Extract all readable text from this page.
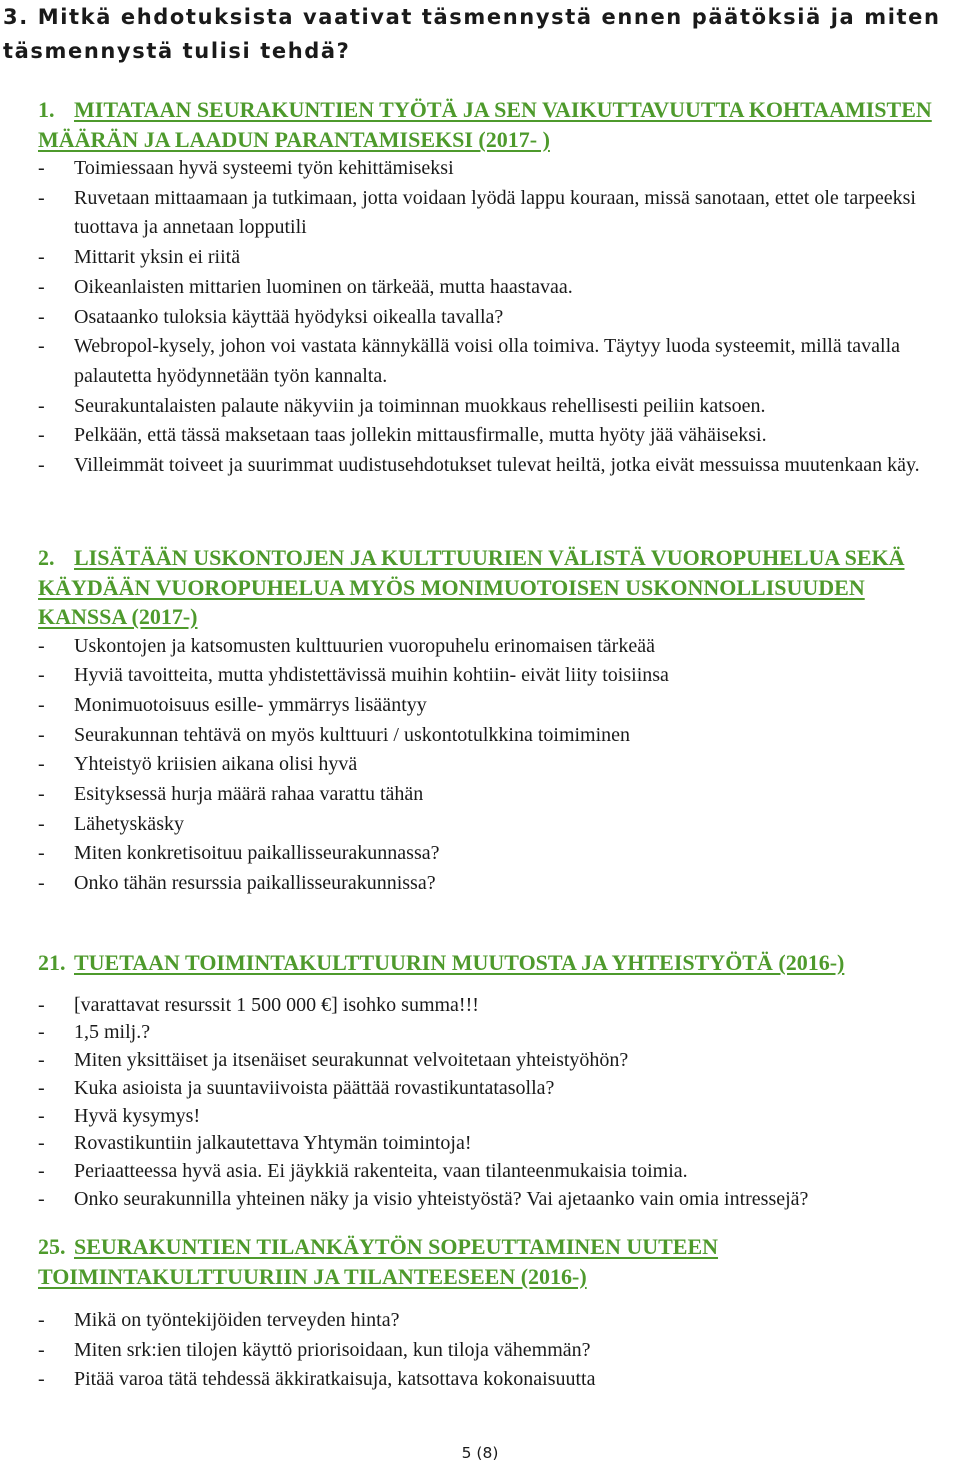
3. Mitkä ehdotuksista vaativat täsmennystä ennen päätöksiä ja miten täsmennystä tulisi tehdä?

1. MITATAAN SEURAKUNTIEN TYÖTÄ JA SEN VAIKUTTAVUUTTA KOHTAAMISTEN MÄÄRÄN JA LAADUN PARANTAMISEKSI (2017- )

- Toimiessaan hyvä systeemi työn kehittämiseksi
- Ruvetaan mittaamaan ja tutkimaan, jotta voidaan lyödä lappu kouraan, missä sanotaan, ettet ole tarpeeksi tuottava ja annetaan lopputili
- Mittarit yksin ei riitä
- Oikeanlaisten mittarien luominen on tärkeää, mutta haastavaa.
- Osataanko tuloksia käyttää hyödyksi oikealla tavalla?
- Webropol-kysely, johon voi vastata kännykällä voisi olla toimiva. Täytyy luoda systeemit, millä tavalla palautetta hyödynnetään työn kannalta.
- Seurakuntalaisten palaute näkyviin ja toiminnan muokkaus rehellisesti peiliin katsoen.
- Pelkään, että tässä maksetaan taas jollekin mittausfirmalle, mutta hyöty jää vähäiseksi.
- Villeimmät toiveet ja suurimmat uudistusehdotukset tulevat heiltä, jotka eivät messuissa muutenkaan käy.

2. LISÄTÄÄN USKONTOJEN JA KULTTUURIEN VÄLISTÄ VUOROPUHELUA SEKÄ KÄYDÄÄN VUOROPUHELUA MYÖS MONIMUOTOISEN USKONNOLLISUUDEN KANSSA (2017-)

- Uskontojen ja katsomusten kulttuurien vuoropuhelu erinomaisen tärkeää
- Hyviä tavoitteita, mutta yhdistettävissä muihin kohtiin- eivät liity toisiinsa
- Monimuotoisuus esille- ymmärrys lisääntyy
- Seurakunnan tehtävä on myös kulttuuri / uskontotulkkina toimiminen
- Yhteistyö kriisien aikana olisi hyvä
- Esityksessä hurja määrä rahaa varattu tähän
- Lähetyskäsky
- Miten konkretisoituu paikallisseurakunnassa?
- Onko tähän resurssia paikallisseurakunnissa?

21. TUETAAN TOIMINTAKULTTUURIN MUUTOSTA JA YHTEISTYÖTÄ (2016-)

- [varattavat resurssit 1 500 000 €] isohko summa!!!
- 1,5 milj.?
- Miten yksittäiset ja itsenäiset seurakunnat velvoitetaan yhteistyöhön?
- Kuka asioista ja suuntaviivoista päättää rovastikuntatasolla?
- Hyvä kysymys!
- Rovastikuntiin jalkautettava Yhtymän toimintoja!
- Periaatteessa hyvä asia. Ei jäykkiä rakenteita, vaan tilanteenmukaisia toimia.
- Onko seurakunnilla yhteinen näky ja visio yhteistyöstä? Vai ajetaanko vain omia intressejä?

25. SEURAKUNTIEN TILANKÄYTÖN SOPEUTTAMINEN UUTEEN TOIMINTAKULTTUURIIN JA TILANTEESEEN (2016-)

- Mikä on työntekijöiden terveyden hinta?
- Miten srk:ien tilojen käyttö priorisoidaan, kun tiloja vähemmän?
- Pitää varoa tätä tehdessä äkkiratkaisuja, katsottava kokonaisuutta
5 (8)
